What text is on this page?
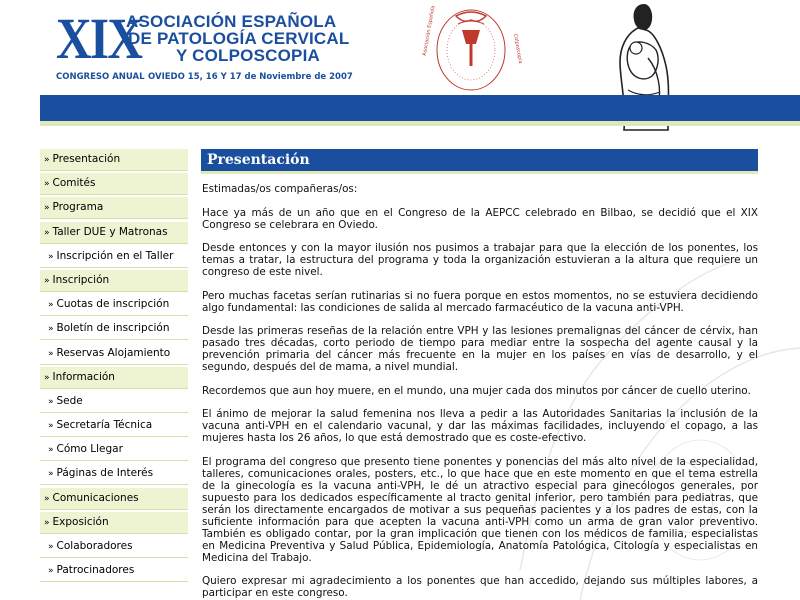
XIX
ASOCIACIÓN ESPAÑOLA
DE PATOLOGÍA CERVICAL
Y COLPOSCOPIA
CONGRESO ANUAL OVIEDO 15, 16 Y 17 de Noviembre de 2007
Asociación Española	Colposcopia
» Presentación
» Comités
» Programa
» Taller DUE y Matronas
» Inscripción en el Taller
» Inscripción
» Cuotas de inscripción
» Boletín de inscripción
» Reservas Alojamiento
» Información
» Sede
» Secretaría Técnica
» Cómo Llegar
» Páginas de Interés
» Comunicaciones
» Exposición
» Colaboradores
» Patrocinadores
Presentación

Estimadas/os compañeras/os:

Hace ya más de un año que en el Congreso de la AEPCC celebrado en Bilbao, se decidió que el XIX Congreso se celebrara en Oviedo.

Desde entonces y con la mayor ilusión nos pusimos a trabajar para que la elección de los ponentes, los temas a tratar, la estructura del programa y toda la organización estuvieran a la altura que requiere un congreso de este nivel.

Pero muchas facetas serían rutinarias si no fuera porque en estos momentos, no se estuviera decidiendo algo fundamental: las condiciones de salida al mercado farmacéutico de la vacuna anti-VPH.

Desde las primeras reseñas de la relación entre VPH y las lesiones premalignas del cáncer de cérvix, han pasado tres décadas, corto periodo de tiempo para mediar entre la sospecha del agente causal y la prevención primaria del cáncer más frecuente en la mujer en los países en vías de desarrollo, y el segundo, después del de mama, a nivel mundial.

Recordemos que aun hoy muere, en el mundo, una mujer cada dos minutos por cáncer de cuello uterino.

El ánimo de mejorar la salud femenina nos lleva a pedir a las Autoridades Sanitarias la inclusión de la vacuna anti-VPH en el calendario vacunal, y dar las máximas facilidades, incluyendo el copago, a las mujeres hasta los 26 años, lo que está demostrado que es coste-efectivo.

El programa del congreso que presento tiene ponentes y ponencias del más alto nivel de la especialidad, talleres, comunicaciones orales, posters, etc., lo que hace que en este momento en que el tema estrella de la ginecología es la vacuna anti-VPH, le dé un atractivo especial para ginecólogos generales, por supuesto para los dedicados específicamente al tracto genital inferior, pero también para pediatras, que serán los directamente encargados de motivar a sus pequeñas pacientes y a los padres de estas, con la suficiente información para que acepten la vacuna anti-VPH como un arma de gran valor preventivo. También es obligado contar, por la gran implicación que tienen con los médicos de familia, especialistas en Medicina Preventiva y Salud Pública, Epidemiología, Anatomía Patológica, Citología y especialistas en Medicina del Trabajo.

Quiero expresar mi agradecimiento a los ponentes que han accedido, dejando sus múltiples labores, a participar en este congreso.
